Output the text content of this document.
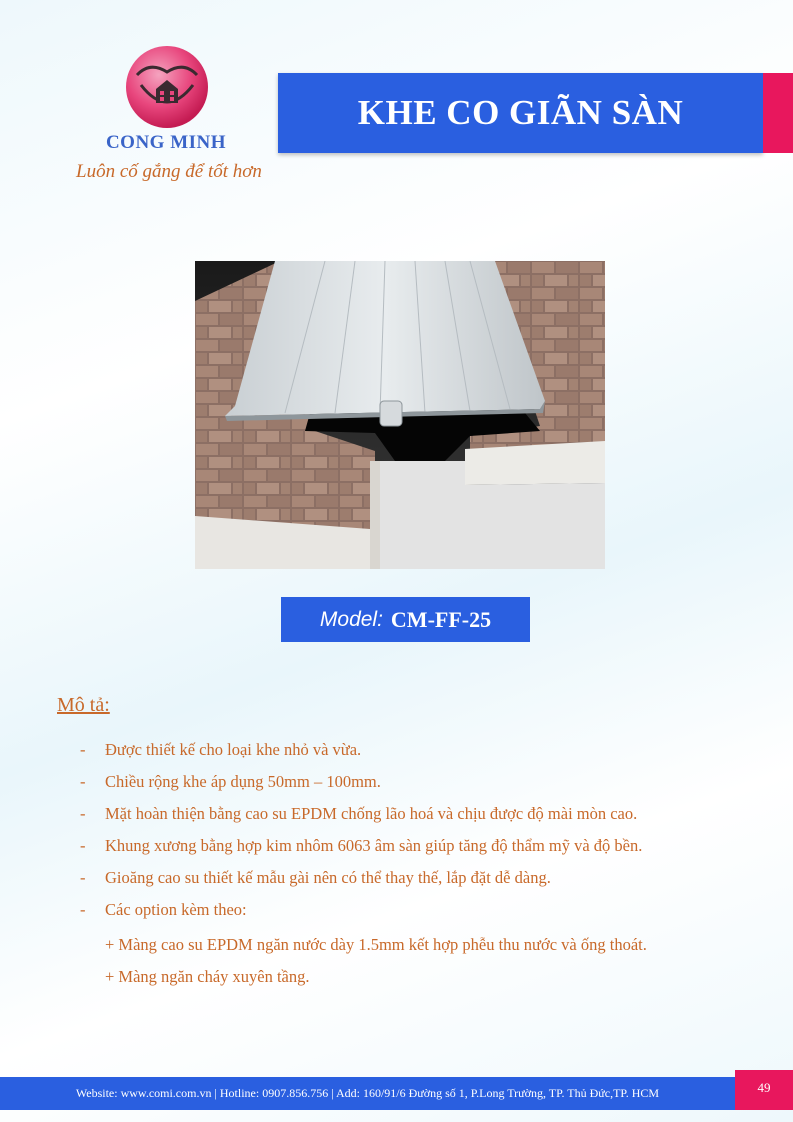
CONG MINH
Luôn cố gắng để tốt hơn
KHE CO GIÃN SÀN
Model: CM-FF-25
Mô tả:
- Được thiết kế cho loại khe nhỏ và vừa.
- Chiều rộng khe áp dụng 50mm – 100mm.
- Mặt hoàn thiện bằng cao su EPDM chống lão hoá và chịu được độ mài mòn cao.
- Khung xương bằng hợp kim nhôm 6063 âm sàn giúp tăng độ thẩm mỹ và độ bền.
- Gioăng cao su thiết kế mẫu gài nên có thể thay thế, lắp đặt dễ dàng.
- Các option kèm theo:
+ Màng cao su EPDM ngăn nước dày 1.5mm kết hợp phễu thu nước và ống thoát.
+ Màng ngăn cháy xuyên tầng.
Website: www.comi.com.vn | Hotline: 0907.856.756 | Add: 160/91/6 Đường số 1, P.Long Trường, TP. Thủ Đức,TP. HCM	49
